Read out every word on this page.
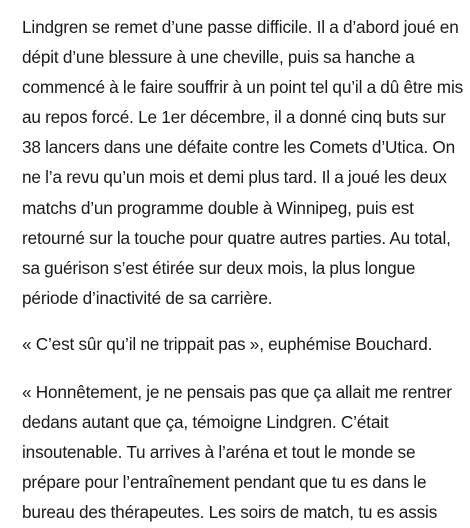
Lindgren se remet d’une passe difficile. Il a d’abord joué en dépit d’une blessure à une cheville, puis sa hanche a commencé à le faire souffrir à un point tel qu’il a dû être mis au repos forcé. Le 1er décembre, il a donné cinq buts sur 38 lancers dans une défaite contre les Comets d’Utica. On ne l’a revu qu’un mois et demi plus tard. Il a joué les deux matchs d’un programme double à Winnipeg, puis est retourné sur la touche pour quatre autres parties. Au total, sa guérison s’est étirée sur deux mois, la plus longue période d’inactivité de sa carrière.

« C’est sûr qu’il ne trippait pas », euphémise Bouchard.

« Honnêtement, je ne pensais pas que ça allait me rentrer dedans autant que ça, témoigne Lindgren. C’était insoutenable. Tu arrives à l’aréna et tout le monde se prépare pour l’entraînement pendant que tu es dans le bureau des thérapeutes. Les soirs de match, tu es assis
